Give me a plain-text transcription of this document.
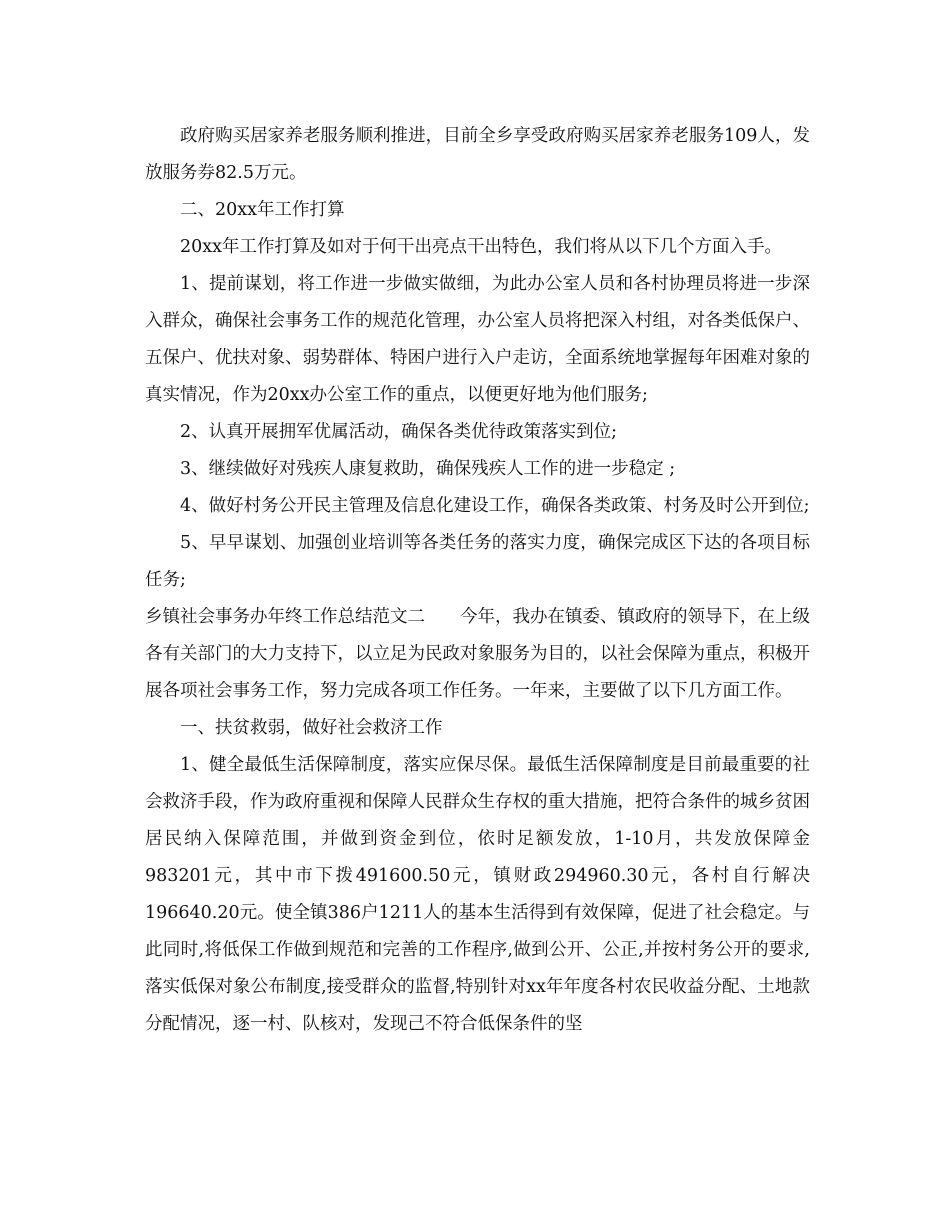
政府购买居家养老服务顺利推进，目前全乡享受政府购买居家养老服务109人，发放服务券82.5万元。

二、20xx年工作打算

20xx年工作打算及如对于何干出亮点干出特色，我们将从以下几个方面入手。

1、提前谋划，将工作进一步做实做细，为此办公室人员和各村协理员将进一步深入群众，确保社会事务工作的规范化管理，办公室人员将把深入村组，对各类低保户、五保户、优扶对象、弱势群体、特困户进行入户走访，全面系统地掌握每年困难对象的真实情况，作为20xx办公室工作的重点，以便更好地为他们服务;

2、认真开展拥军优属活动，确保各类优待政策落实到位;

3、继续做好对残疾人康复救助，确保残疾人工作的进一步稳定 ;

4、做好村务公开民主管理及信息化建设工作，确保各类政策、村务及时公开到位;

5、早早谋划、加强创业培训等各类任务的落实力度，确保完成区下达的各项目标任务;

乡镇社会事务办年终工作总结范文二　　今年，我办在镇委、镇政府的领导下，在上级各有关部门的大力支持下，以立足为民政对象服务为目的，以社会保障为重点，积极开展各项社会事务工作，努力完成各项工作任务。一年来，主要做了以下几方面工作。

一、扶贫救弱，做好社会救济工作

1、健全最低生活保障制度，落实应保尽保。最低生活保障制度是目前最重要的社会救济手段，作为政府重视和保障人民群众生存权的重大措施，把符合条件的城乡贫困居民纳入保障范围，并做到资金到位，依时足额发放，1-10月，共发放保障金983201元，其中市下拨491600.50元，镇财政294960.30元，各村自行解决196640.20元。使全镇386户1211人的基本生活得到有效保障，促进了社会稳定。与此同时,将低保工作做到规范和完善的工作程序,做到公开、公正,并按村务公开的要求,落实低保对象公布制度,接受群众的监督,特别针对xx年年度各村农民收益分配、土地款分配情况，逐一村、队核对，发现己不符合低保条件的坚
